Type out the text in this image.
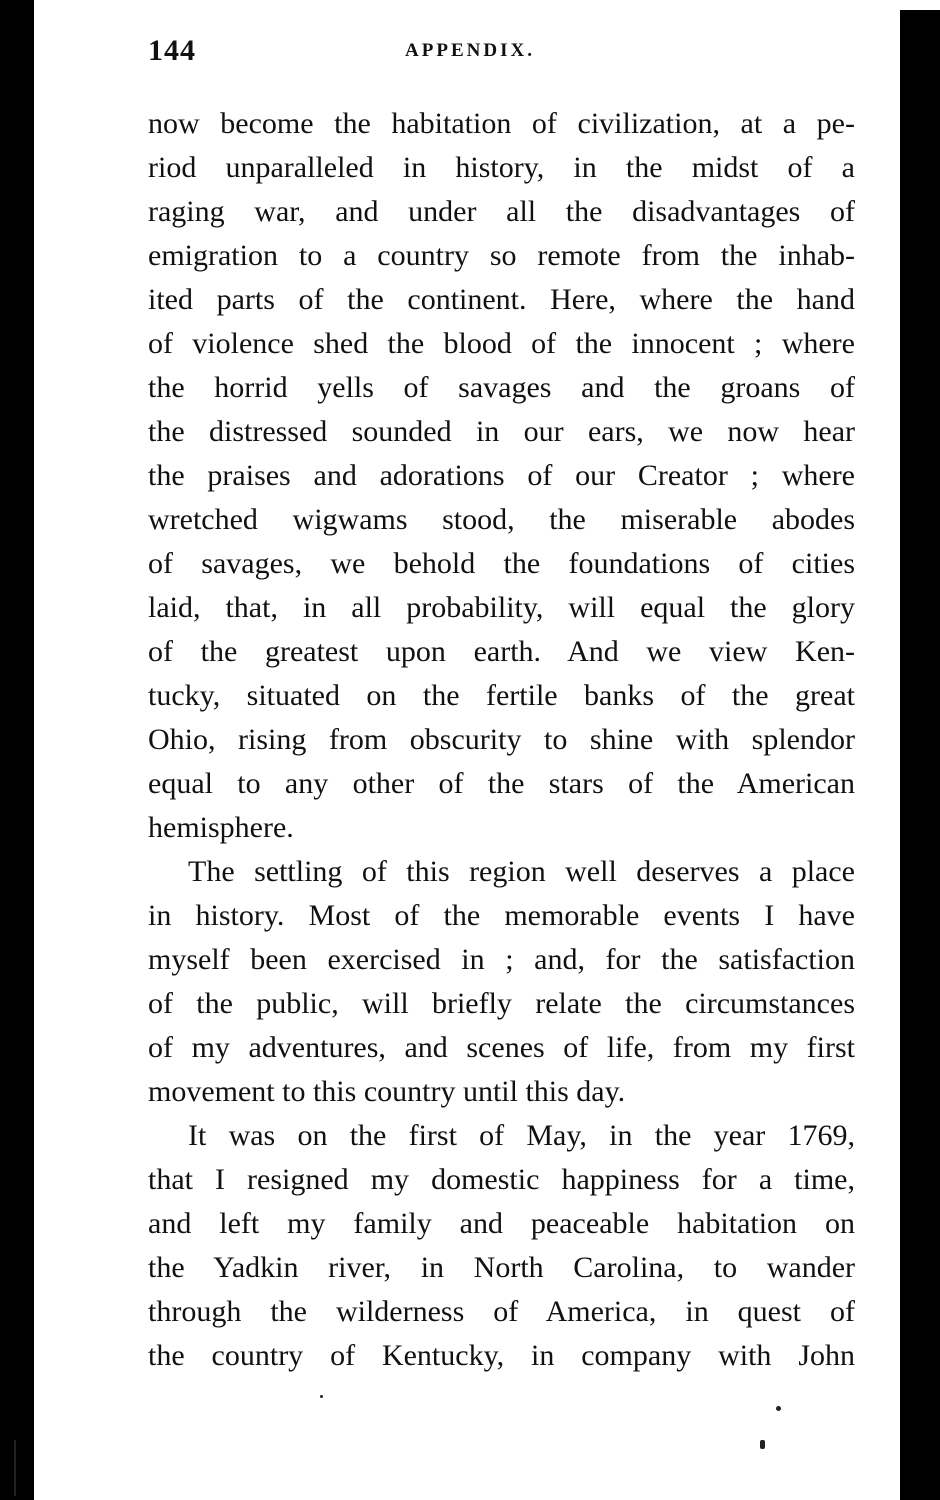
144	APPENDIX.
now become the habitation of civilization, at a pe-
riod unparalleled in history, in the midst of a
raging war, and under all the disadvantages of
emigration to a country so remote from the inhab-
ited parts of the continent. Here, where the hand
of violence shed the blood of the innocent ; where
the horrid yells of savages and the groans of
the distressed sounded in our ears, we now hear
the praises and adorations of our Creator ; where
wretched wigwams stood, the miserable abodes
of savages, we behold the foundations of cities
laid, that, in all probability, will equal the glory
of the greatest upon earth. And we view Ken-
tucky, situated on the fertile banks of the great
Ohio, rising from obscurity to shine with splendor
equal to any other of the stars of the American
hemisphere.
The settling of this region well deserves a place
in history. Most of the memorable events I have
myself been exercised in ; and, for the satisfaction
of the public, will briefly relate the circumstances
of my adventures, and scenes of life, from my first
movement to this country until this day.
It was on the first of May, in the year 1769,
that I resigned my domestic happiness for a time,
and left my family and peaceable habitation on
the Yadkin river, in North Carolina, to wander
through the wilderness of America, in quest of
the country of Kentucky, in company with John
